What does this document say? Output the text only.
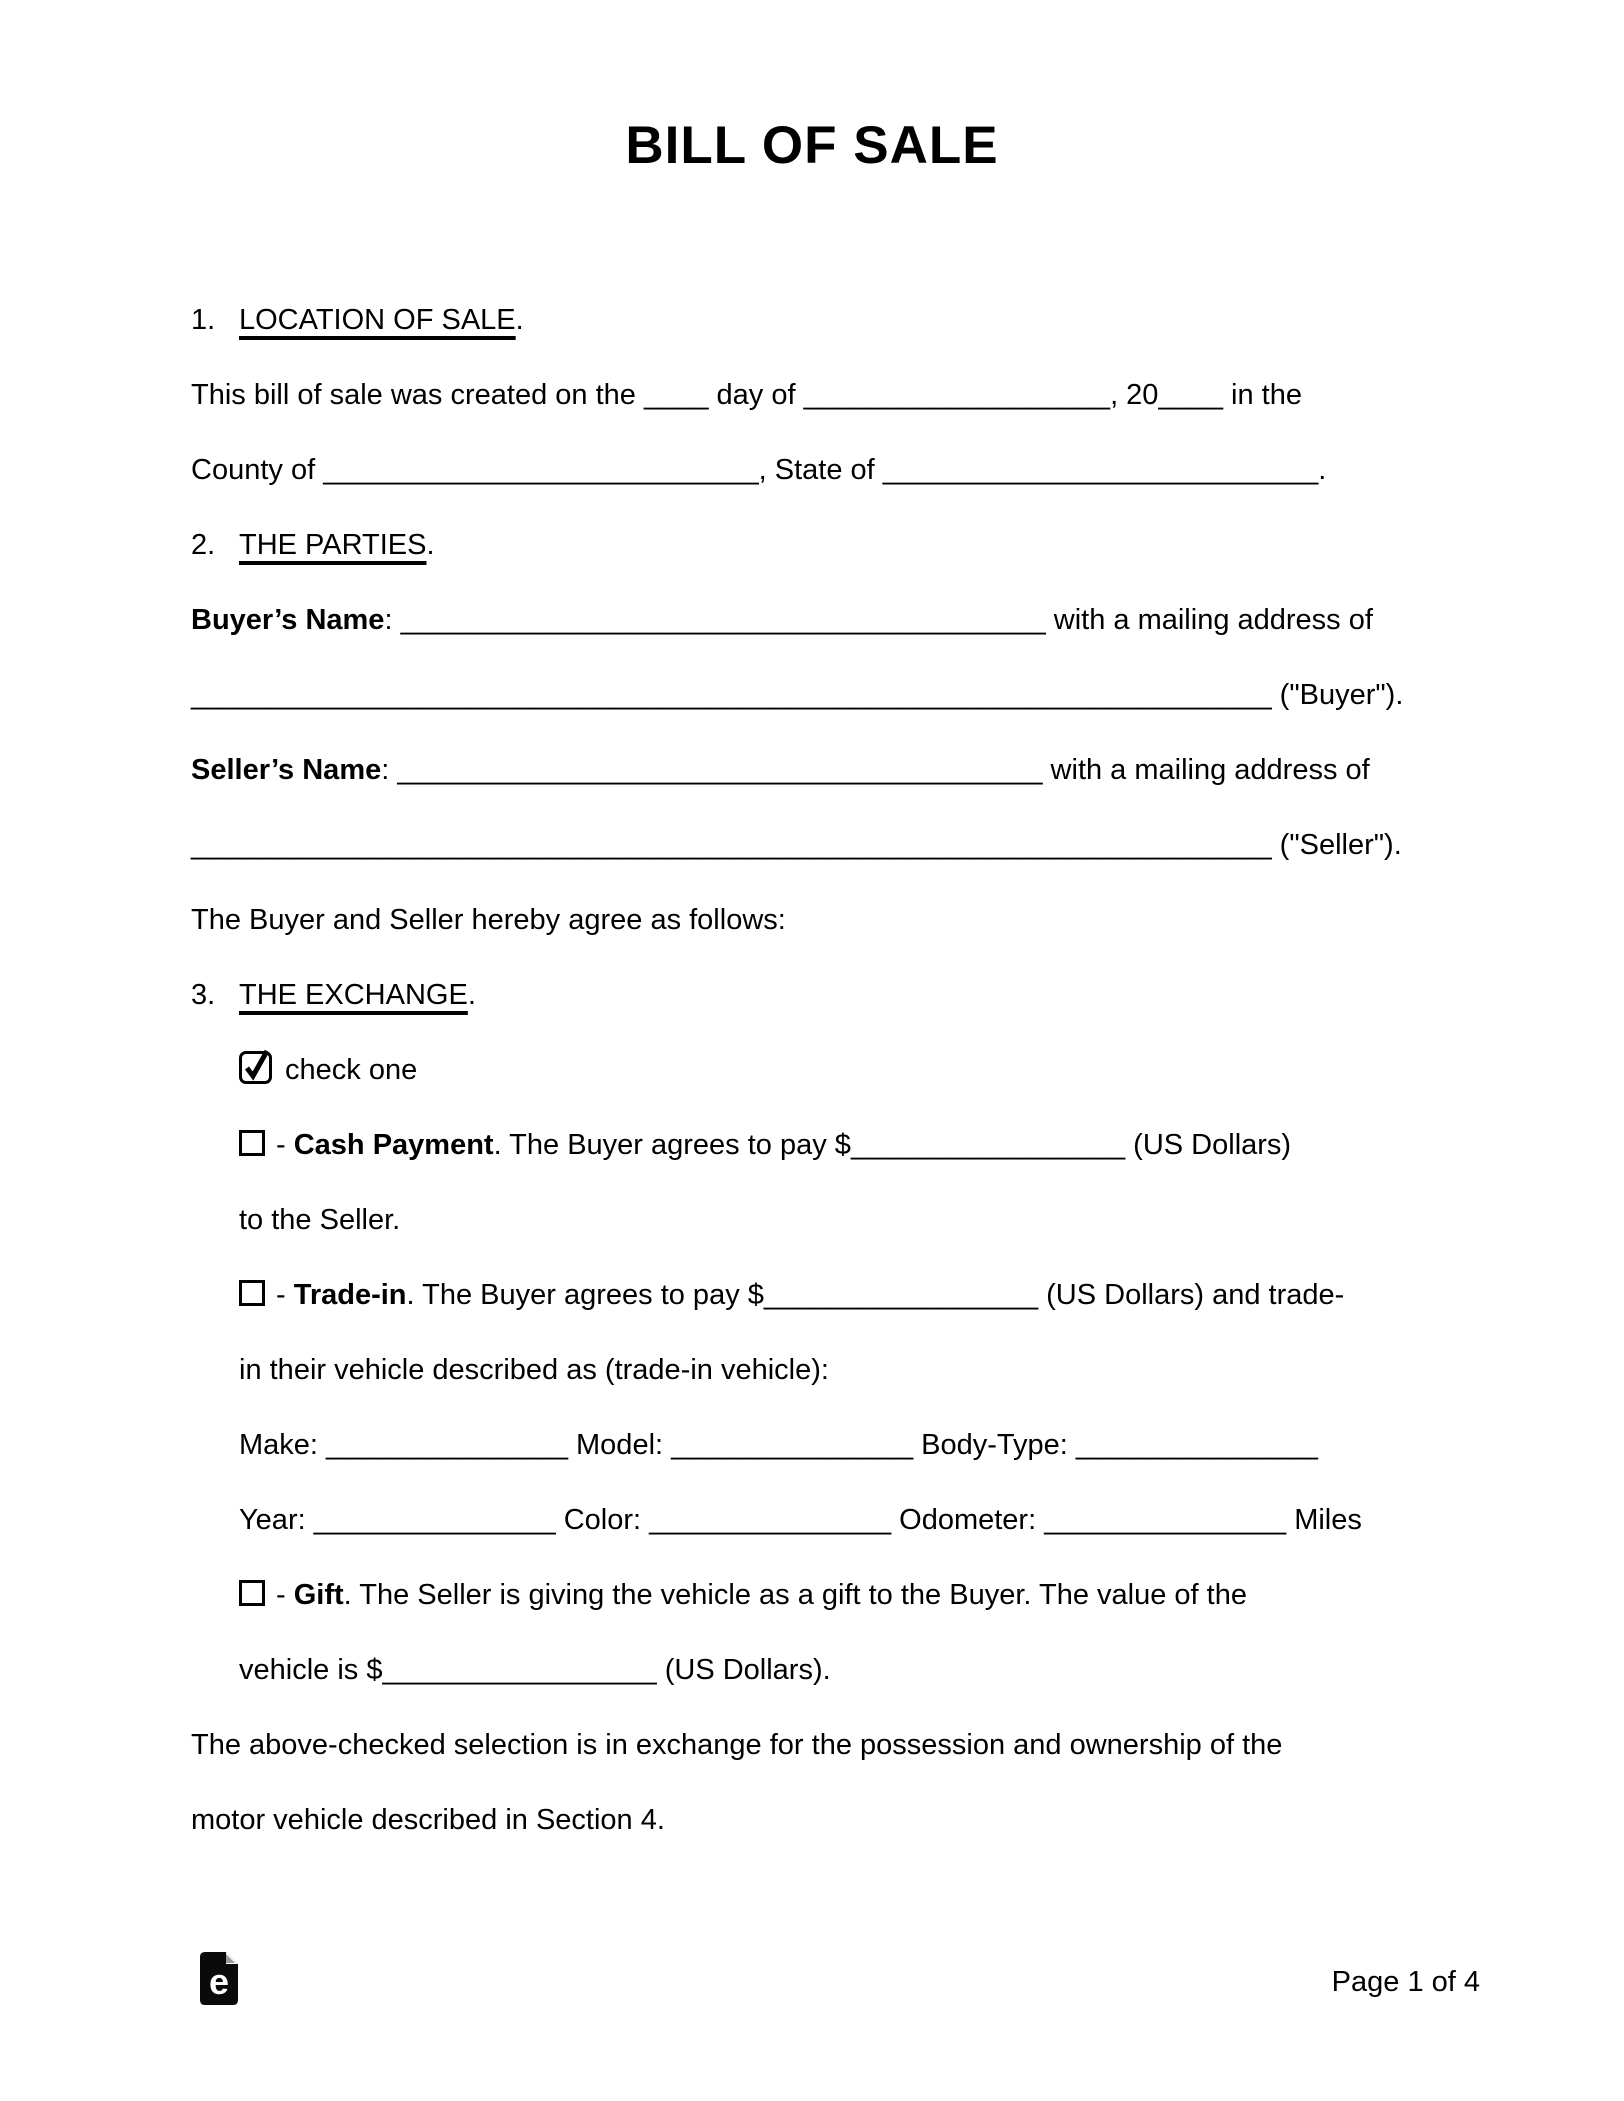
BILL OF SALE
1. LOCATION OF SALE.
This bill of sale was created on the ____ day of ___________________, 20____ in the
County of ___________________________, State of ___________________________.
2. THE PARTIES.
Buyer’s Name: ________________________________________ with a mailing address of
___________________________________________________________________ ("Buyer").
Seller’s Name: ________________________________________ with a mailing address of
___________________________________________________________________ ("Seller").
The Buyer and Seller hereby agree as follows:
3. THE EXCHANGE.
check one
- Cash Payment. The Buyer agrees to pay $_________________ (US Dollars)
to the Seller.
- Trade-in. The Buyer agrees to pay $_________________ (US Dollars) and trade-
in their vehicle described as (trade-in vehicle):
Make: _______________ Model: _______________ Body-Type: _______________
Year: _______________ Color: _______________ Odometer: _______________ Miles
- Gift. The Seller is giving the vehicle as a gift to the Buyer. The value of the
vehicle is $_________________ (US Dollars).
The above-checked selection is in exchange for the possession and ownership of the
motor vehicle described in Section 4.
e	Page 1 of 4
